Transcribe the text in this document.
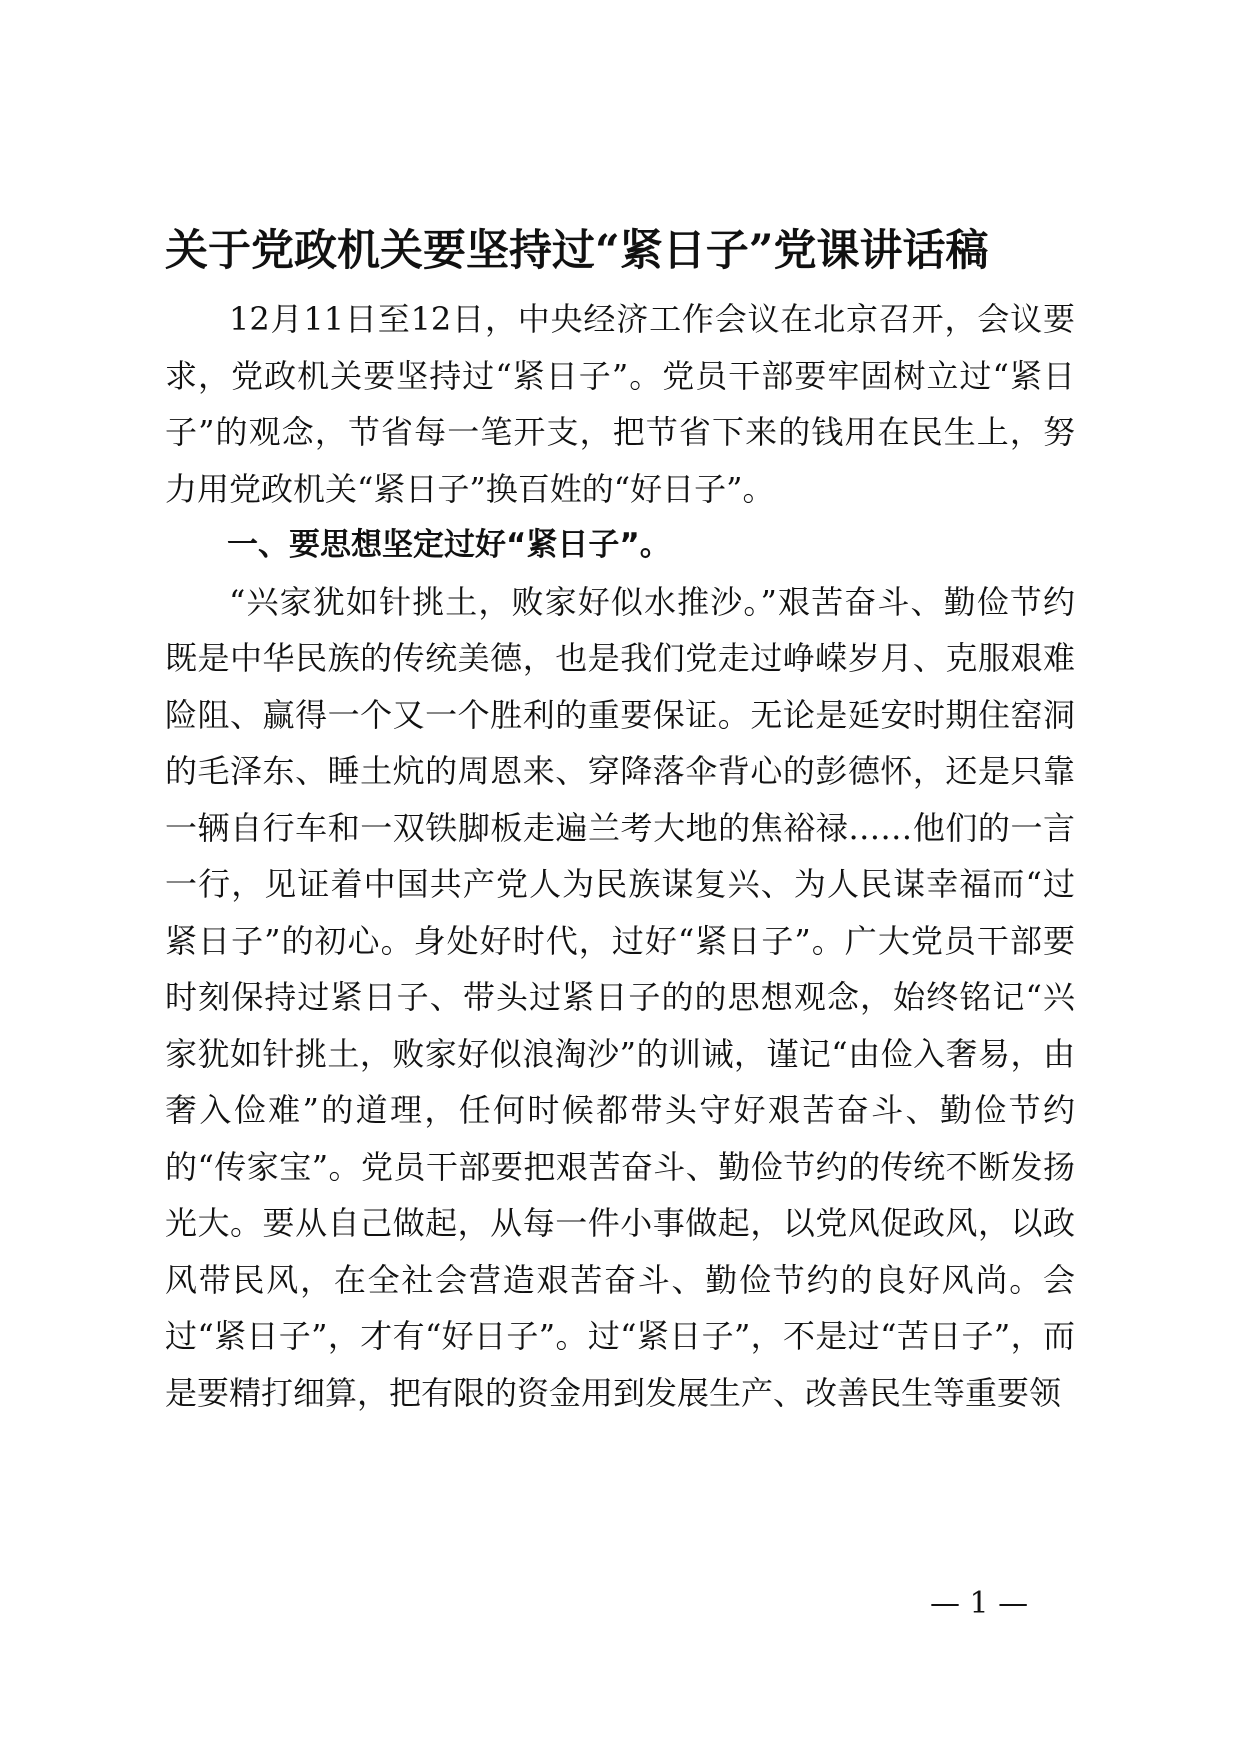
关于党政机关要坚持过“紧日子”党课讲话稿

12月11日至12日，中央经济工作会议在北京召开，会议要求，党政机关要坚持过“紧日子”。党员干部要牢固树立过“紧日子”的观念，节省每一笔开支，把节省下来的钱用在民生上，努力用党政机关“紧日子”换百姓的“好日子”。

一、要思想坚定过好“紧日子”。

“兴家犹如针挑土，败家好似水推沙。”艰苦奋斗、勤俭节约既是中华民族的传统美德，也是我们党走过峥嵘岁月、克服艰难险阻、赢得一个又一个胜利的重要保证。无论是延安时期住窑洞的毛泽东、睡土炕的周恩来、穿降落伞背心的彭德怀，还是只靠一辆自行车和一双铁脚板走遍兰考大地的焦裕禄……他们的一言一行，见证着中国共产党人为民族谋复兴、为人民谋幸福而“过紧日子”的初心。身处好时代，过好“紧日子”。广大党员干部要时刻保持过紧日子、带头过紧日子的的思想观念，始终铭记“兴家犹如针挑土，败家好似浪淘沙”的训诫，谨记“由俭入奢易，由奢入俭难”的道理，任何时候都带头守好艰苦奋斗、勤俭节约的“传家宝”。党员干部要把艰苦奋斗、勤俭节约的传统不断发扬光大。要从自己做起，从每一件小事做起，以党风促政风，以政风带民风，在全社会营造艰苦奋斗、勤俭节约的良好风尚。会过“紧日子”，才有“好日子”。过“紧日子”，不是过“苦日子”，而是要精打细算，把有限的资金用到发展生产、改善民生等重要领

— 1 —
